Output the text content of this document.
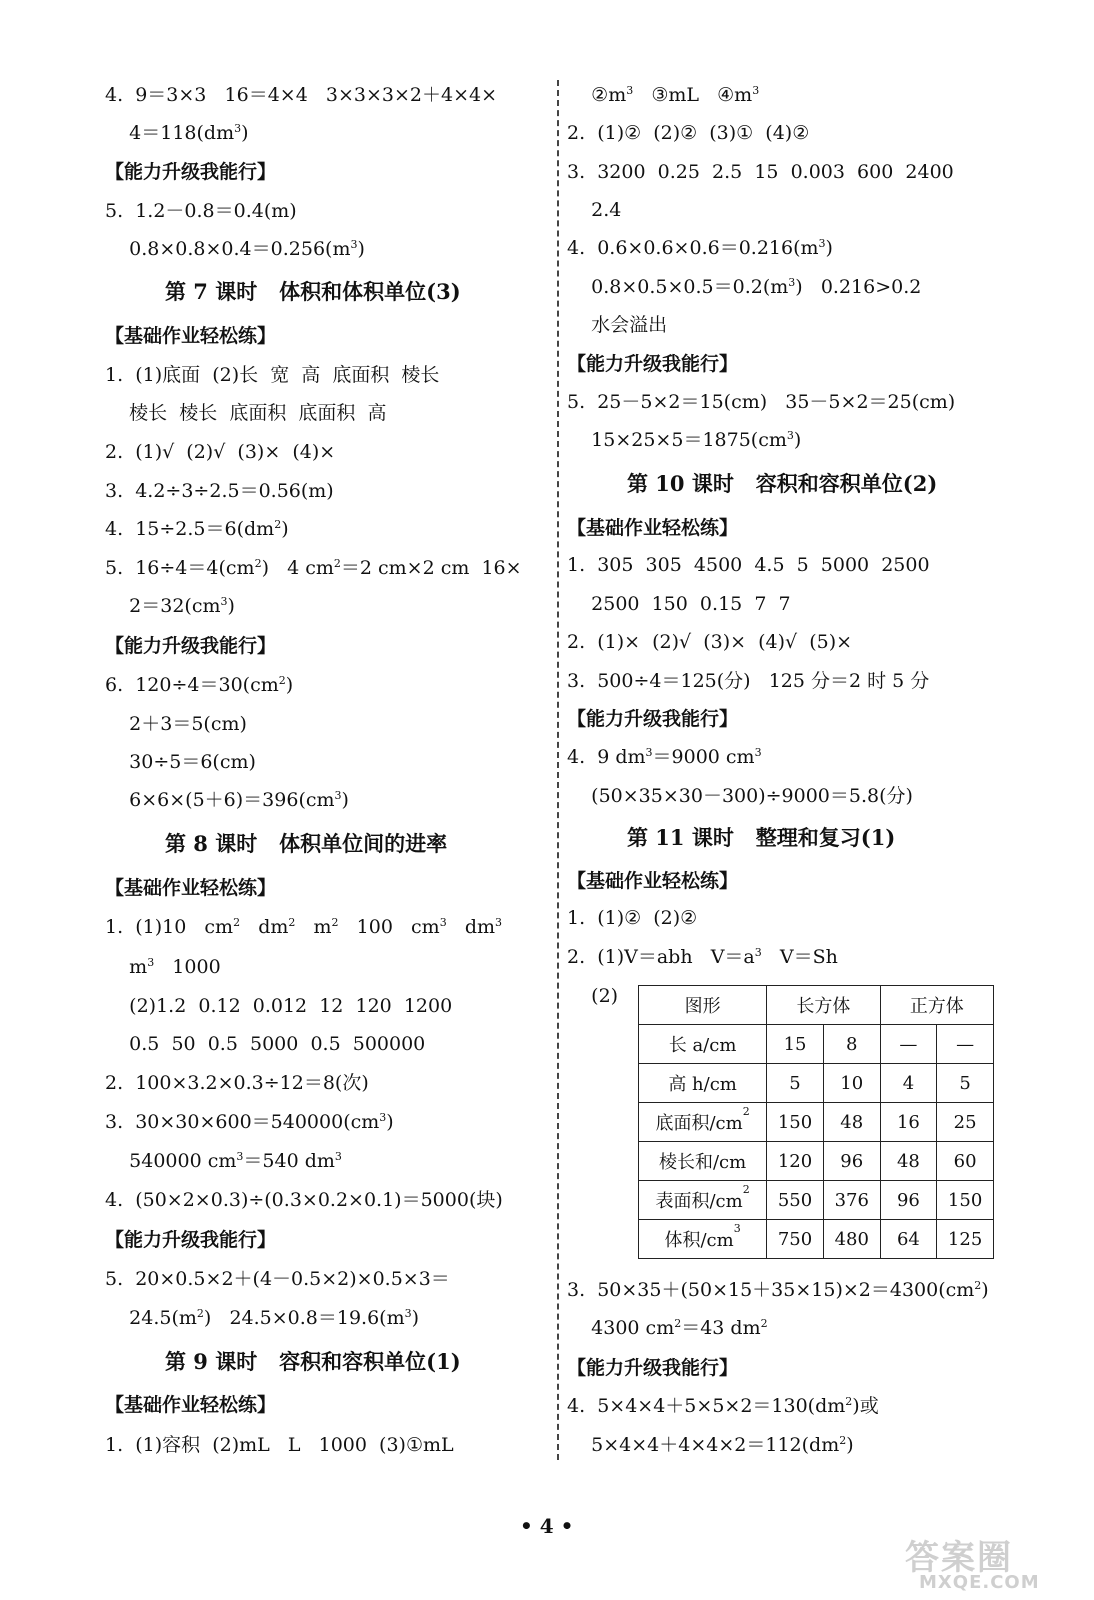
4.  9＝3×3   16＝4×4   3×3×3×2＋4×4×
$4=118(dm^3)$
【能力升级我能行】
5.  1.2－0.8＝0.4(m)
$0.8\times 0.8\times 0.4=0.256(m^3)$
第 7 课时   体积和体积单位(3)
【基础作业轻松练】
1.  (1)底面  (2)长  宽  高  底面积  棱长
棱长  棱长  底面积  底面积  高
2.  (1)√  (2)√  (3)×  (4)×
3.  4.2÷3÷2.5＝0.56(m)
4.  $15\div 2.5=6(dm^2)$
5.  $16\div 4=4(cm^2)$   4 $cm^2=2$ cm×2 cm  16×
$2=32(cm^3)$
【能力升级我能行】
6.  $120\div 4=30(cm^2)$
2＋3＝5(cm)
30÷5＝6(cm)
$6\times 6\times(5+6)=396(cm^3)$
第 8 课时   体积单位间的进率
【基础作业轻松练】
1.  (1)10   $cm^2$   $dm^2$   $m^2$   100   $cm^3$   $dm^3$
$m^3$   1000
(2)1.2  0.12  0.012  12  120  1200
0.5  50  0.5  5000  0.5  500000
2.  100×3.2×0.3÷12＝8(次)
3.  $30\times 30\times 600=540000(cm^3)$
540000 $cm^3=540$ $dm^3$
4.  (50×2×0.3)÷(0.3×0.2×0.1)＝5000(块)
【能力升级我能行】
5.  20×0.5×2＋(4－0.5×2)×0.5×3＝
$24.5(m^2)$   $24.5\times 0.8=19.6(m^3)$
第 9 课时   容积和容积单位(1)
【基础作业轻松练】
1.  (1)容积  (2)mL   L   1000  (3)①mL
$②m^3$   ③mL   $④m^3$
2.  (1)②  (2)②  (3)①  (4)②
3.  3200  0.25  2.5  15  0.003  600  2400
2.4
4.  $0.6\times 0.6\times 0.6=0.216(m^3)$
$0.8\times 0.5\times 0.5=0.2(m^3)$   0.216>0.2
水会溢出
【能力升级我能行】
5.  25－5×2＝15(cm)   35－5×2＝25(cm)
$15\times 25\times 5=1875(cm^3)$
第 10 课时   容积和容积单位(2)
【基础作业轻松练】
1.  305  305  4500  4.5  5  5000  2500
2500  150  0.15  7  7
2.  (1)×  (2)√  (3)×  (4)√  (5)×
3.  500÷4＝125(分)   125 分＝2 时 5 分
【能力升级我能行】
4.  9 $dm^3=9000$ $cm^3$
(50×35×30－300)÷9000＝5.8(分)
第 11 课时   整理和复习(1)
【基础作业轻松练】
1.  (1)②  (2)②
2.  (1)V＝abh   $V=a^3$   V＝Sh
(2)
3.  $50\times 35+(50\times 15+35\times 15)\times 2=4300(cm^2)$
4300 $cm^2=43$ $dm^2$
【能力升级我能行】
4.  $5\times 4\times 4+5\times 5\times 2=130(dm^2)$或
$5\times 4\times 4+4\times 4\times 2=112(dm^2)$
图形	长方体		正方体	
长 a/cm	15	8	—	—
高 h/cm	5	10	4	5
底面积$/cm^2$	150	48	16	25
棱长和/cm	120	96	48	60
表面积$/cm^2$	550	376	96	150
体积$/cm^3$	750	480	64	125
• 4 •
答案圈
MXQE.COM
